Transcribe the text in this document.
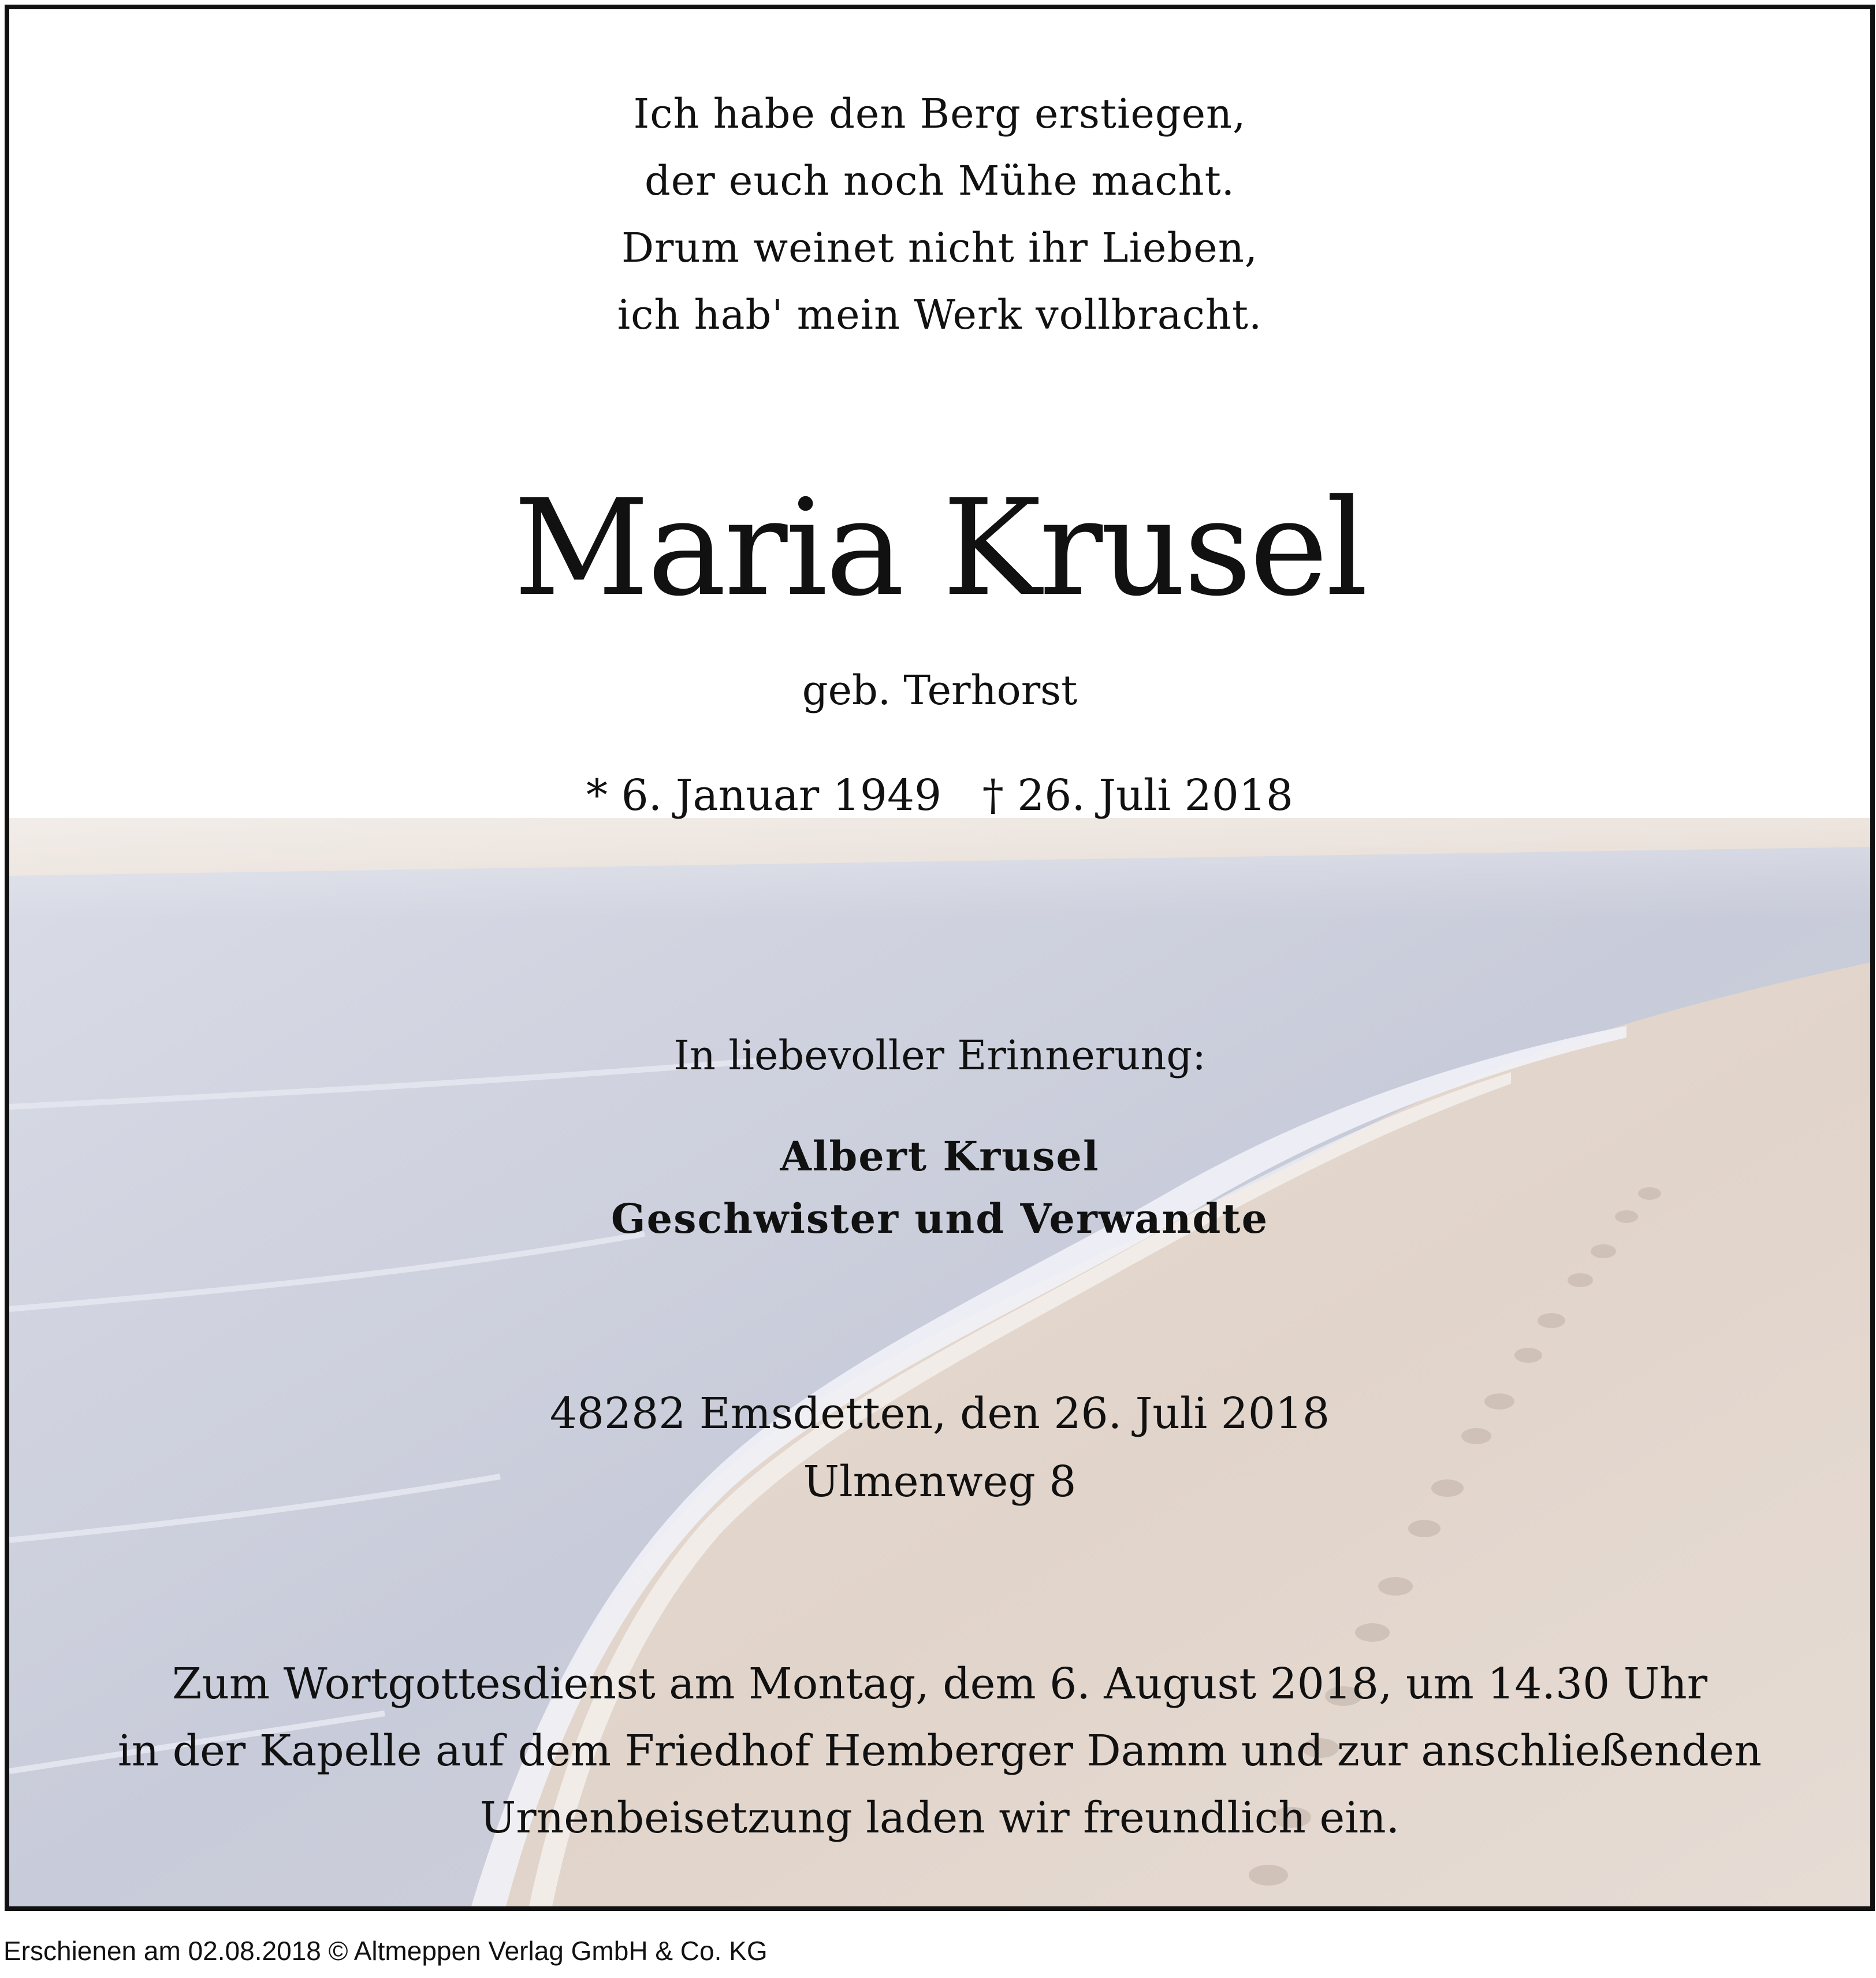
Ich habe den Berg erstiegen,
der euch noch Mühe macht.
Drum weinet nicht ihr Lieben,
ich hab' mein Werk vollbracht.
Maria Krusel
geb. Terhorst
* 6. Januar 1949   † 26. Juli 2018
In liebevoller Erinnerung:
Albert Krusel
Geschwister und Verwandte
48282 Emsdetten, den 26. Juli 2018
Ulmenweg 8
Zum Wortgottesdienst am Montag, dem 6. August 2018, um 14.30 Uhr
in der Kapelle auf dem Friedhof Hemberger Damm und zur anschließenden
Urnenbeisetzung laden wir freundlich ein.
Erschienen am 02.08.2018 © Altmeppen Verlag GmbH & Co. KG
